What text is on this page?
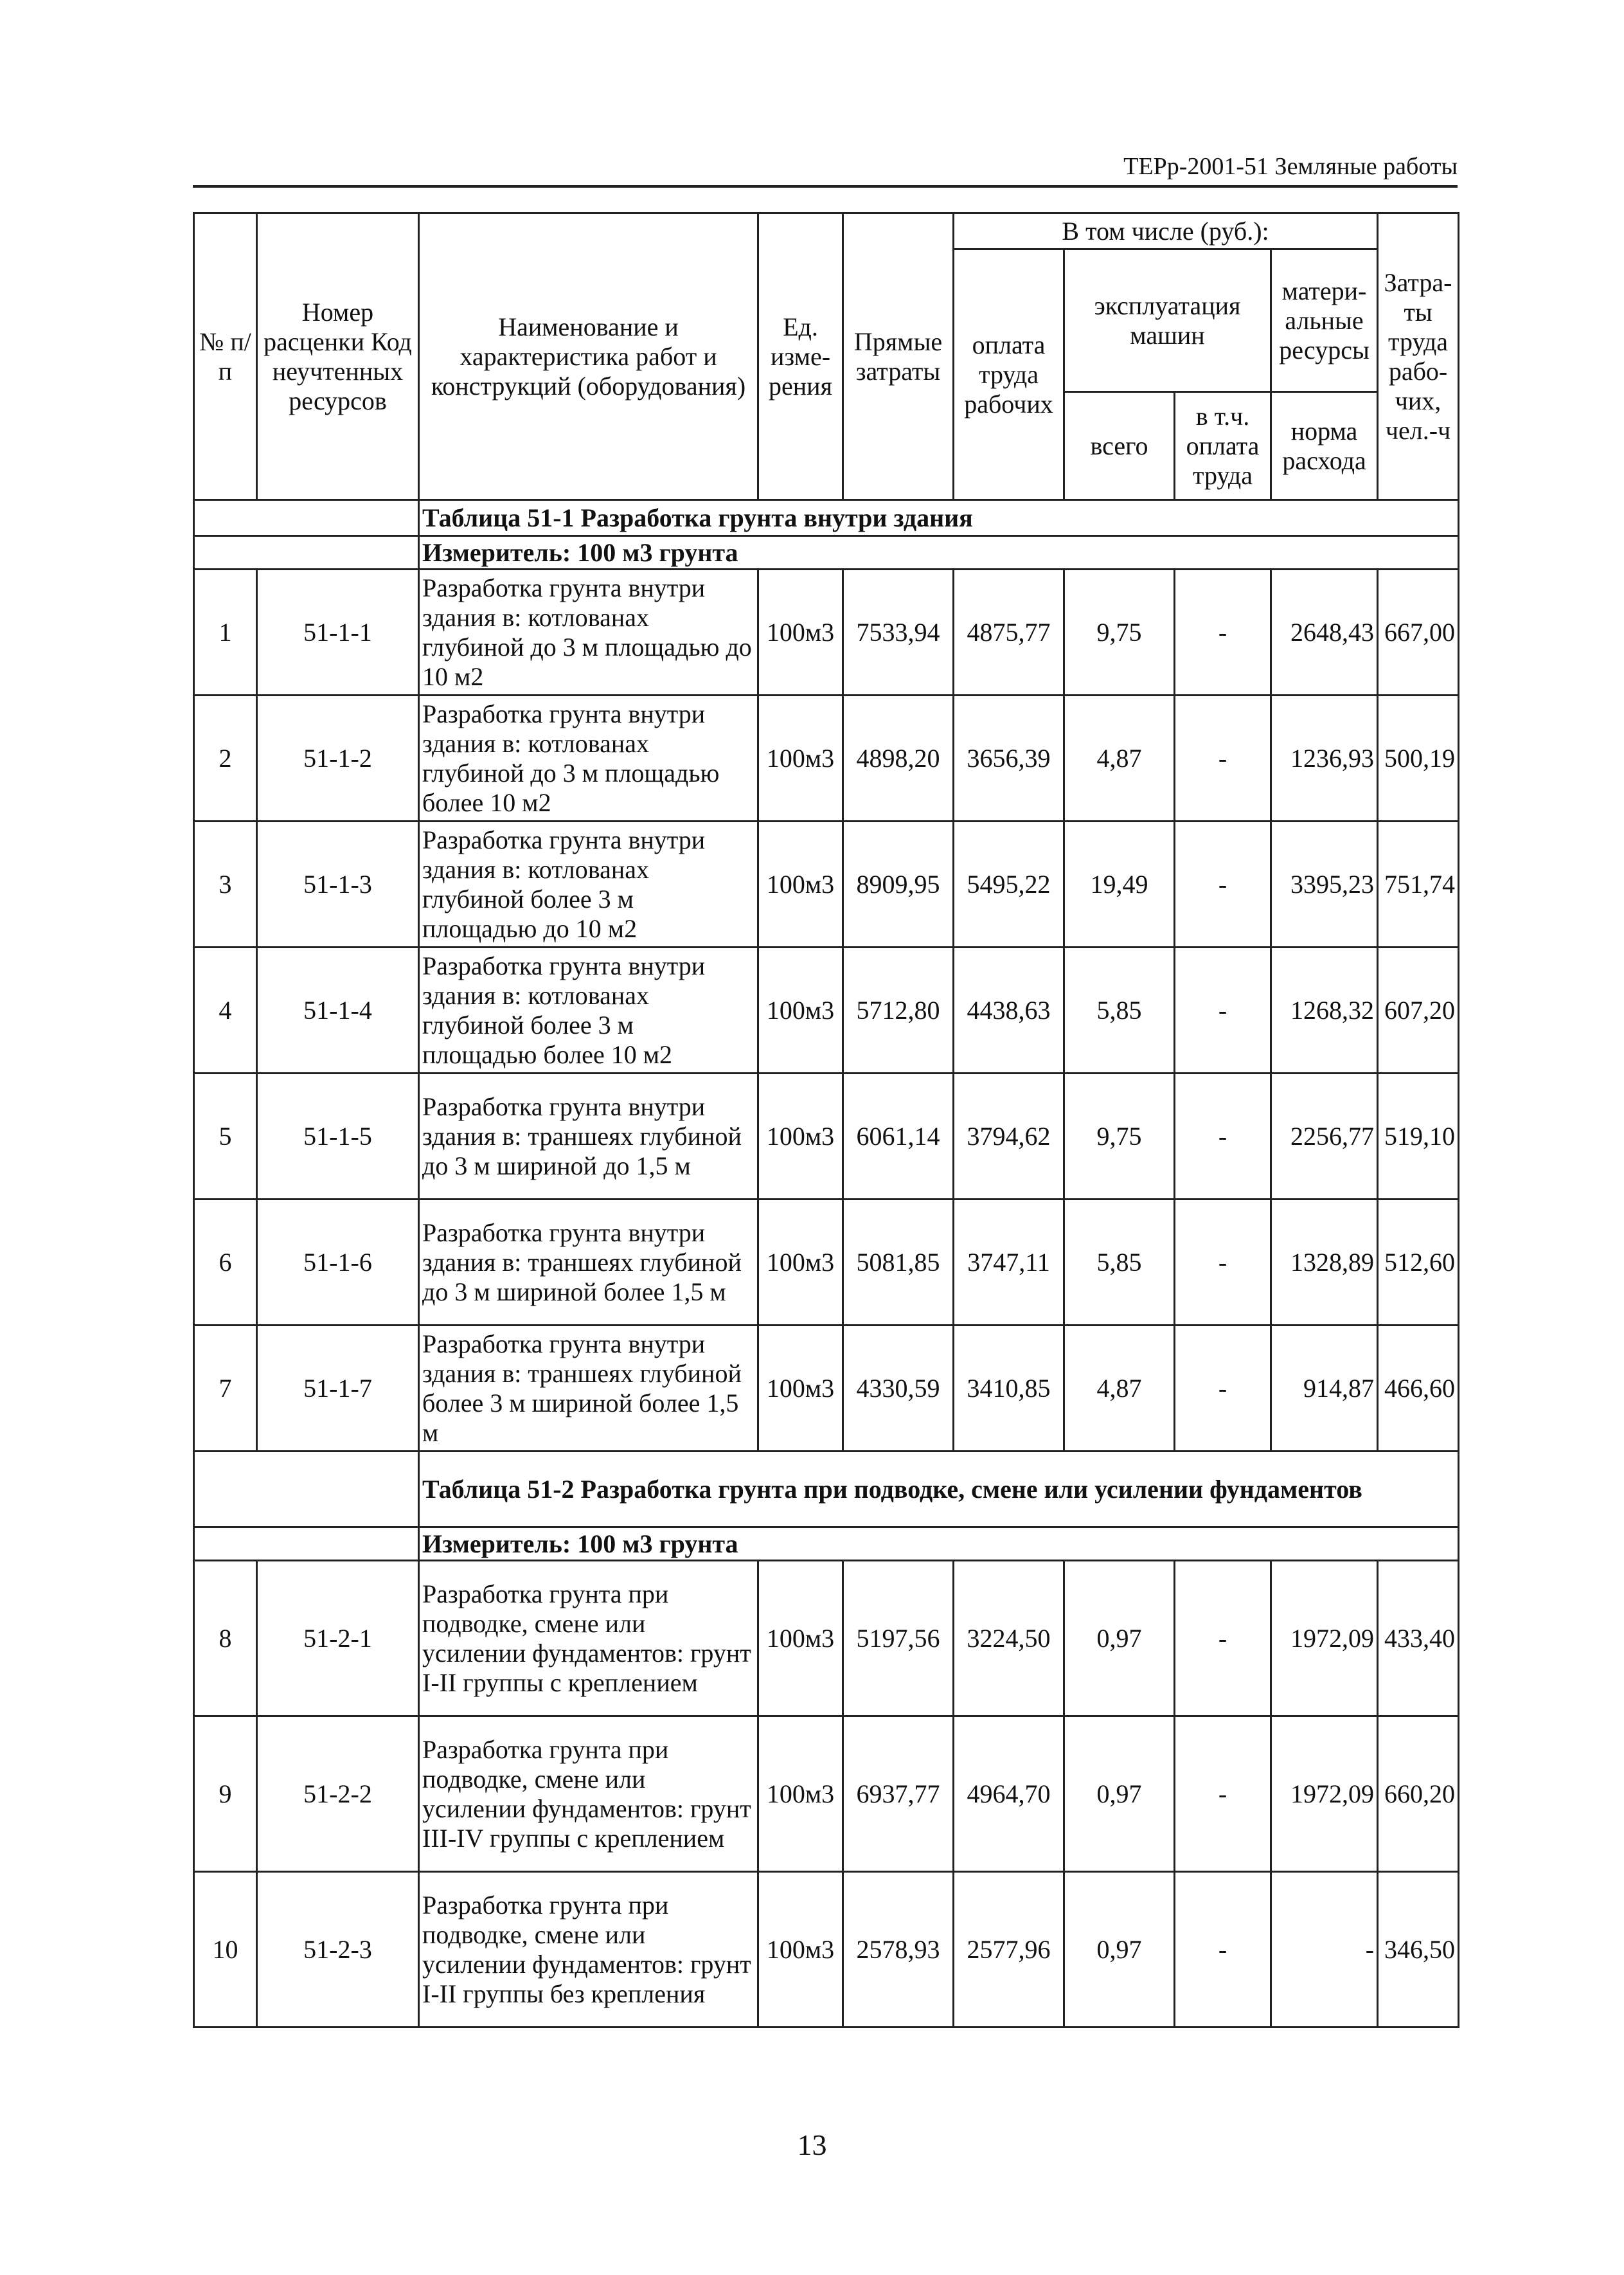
ТЕРр-2001-51 Земляные работы
№ п/п	Номер расценки Код неучтенных ресурсов	Наименование и характеристика работ и конструкций (оборудования)	Ед. изме- рения	Прямые затраты	В том числе (руб.):				Затра- ты труда рабо- чих, чел.-ч
					оплата труда рабочих	эксплуатация машин		матери- альные ресурсы	
						всего	в т.ч. оплата труда	норма расхода	
		Таблица 51-1 Разработка грунта внутри здания							
		Измеритель: 100 м3 грунта							
1	51-1-1	Разработка грунта внутри здания в: котлованах глубиной до 3 м площадью до 10 м2	100м3	7533,94	4875,77	9,75	-	2648,43	667,00
2	51-1-2	Разработка грунта внутри здания в: котлованах глубиной до 3 м площадью более 10 м2	100м3	4898,20	3656,39	4,87	-	1236,93	500,19
3	51-1-3	Разработка грунта внутри здания в: котлованах глубиной более 3 м площадью до 10 м2	100м3	8909,95	5495,22	19,49	-	3395,23	751,74
4	51-1-4	Разработка грунта внутри здания в: котлованах глубиной более 3 м площадью более 10 м2	100м3	5712,80	4438,63	5,85	-	1268,32	607,20
5	51-1-5	Разработка грунта внутри здания в: траншеях глубиной до 3 м шириной до 1,5 м	100м3	6061,14	3794,62	9,75	-	2256,77	519,10
6	51-1-6	Разработка грунта внутри здания в: траншеях глубиной до 3 м шириной более 1,5 м	100м3	5081,85	3747,11	5,85	-	1328,89	512,60
7	51-1-7	Разработка грунта внутри здания в: траншеях глубиной более 3 м шириной более 1,5 м	100м3	4330,59	3410,85	4,87	-	914,87	466,60
		Таблица 51-2 Разработка грунта при подводке, смене или усилении фундаментов							
		Измеритель: 100 м3 грунта							
8	51-2-1	Разработка грунта при подводке, смене или усилении фундаментов: грунт I-II группы с креплением	100м3	5197,56	3224,50	0,97	-	1972,09	433,40
9	51-2-2	Разработка грунта при подводке, смене или усилении фундаментов: грунт III-IV группы с креплением	100м3	6937,77	4964,70	0,97	-	1972,09	660,20
10	51-2-3	Разработка грунта при подводке, смене или усилении фундаментов: грунт I-II группы без крепления	100м3	2578,93	2577,96	0,97	-	-	346,50
13
